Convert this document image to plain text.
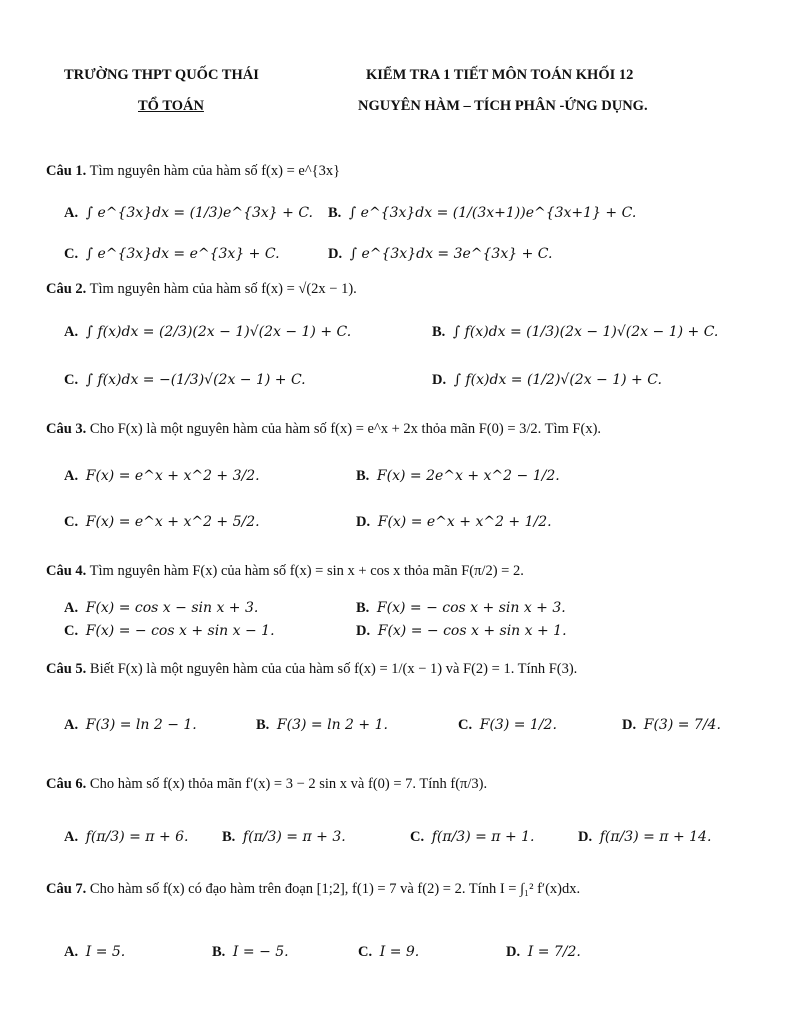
TRƯỜNG THPT QUỐC THÁI
TỔ TOÁN
KIỂM TRA 1 TIẾT MÔN TOÁN KHỐI 12
NGUYÊN HÀM – TÍCH PHÂN -ỨNG DỤNG.
Câu 1. Tìm nguyên hàm của hàm số f(x) = e^{3x}
A. ∫ e^{3x}dx = (1/3)e^{3x} + C. B. ∫ e^{3x}dx = (1/(3x+1))e^{3x+1} + C.
C. ∫ e^{3x}dx = e^{3x} + C.	D. ∫ e^{3x}dx = 3e^{3x} + C.
Câu 2. Tìm nguyên hàm của hàm số f(x) = √(2x − 1).
A. ∫ f(x)dx = (2/3)(2x − 1)√(2x − 1) + C.	B. ∫ f(x)dx = (1/3)(2x − 1)√(2x − 1) + C.
C. ∫ f(x)dx = −(1/3)√(2x − 1) + C.	D. ∫ f(x)dx = (1/2)√(2x − 1) + C.
Câu 3. Cho F(x) là một nguyên hàm của hàm số f(x) = e^x + 2x thỏa mãn F(0) = 3/2. Tìm F(x).
A. F(x) = e^x + x^2 + 3/2.	B. F(x) = 2e^x + x^2 − 1/2.
C. F(x) = e^x + x^2 + 5/2.	D. F(x) = e^x + x^2 + 1/2.
Câu 4. Tìm nguyên hàm F(x) của hàm số f(x) = sin x + cos x thỏa mãn F(π/2) = 2.
A. F(x) = cos x − sin x + 3.	B. F(x) = − cos x + sin x + 3.
C. F(x) = − cos x + sin x − 1.	D. F(x) = − cos x + sin x + 1.
Câu 5. Biết F(x) là một nguyên hàm của của hàm số f(x) = 1/(x − 1) và F(2) = 1. Tính F(3).
A. F(3) = ln 2 − 1.	B. F(3) = ln 2 + 1.	C. F(3) = 1/2.	D. F(3) = 7/4.
Câu 6. Cho hàm số f(x) thỏa mãn f′(x) = 3 − 2 sin x và f(0) = 7. Tính f(π/3).
A. f(π/3) = π + 6. B. f(π/3) = π + 3.	C. f(π/3) = π + 1.	D. f(π/3) = π + 14.
Câu 7. Cho hàm số f(x) có đạo hàm trên đoạn [1;2], f(1) = 7 và f(2) = 2. Tính I = ∫₁² f′(x)dx.
A. I = 5.	B. I = − 5.	C. I = 9.	D. I = 7/2.
